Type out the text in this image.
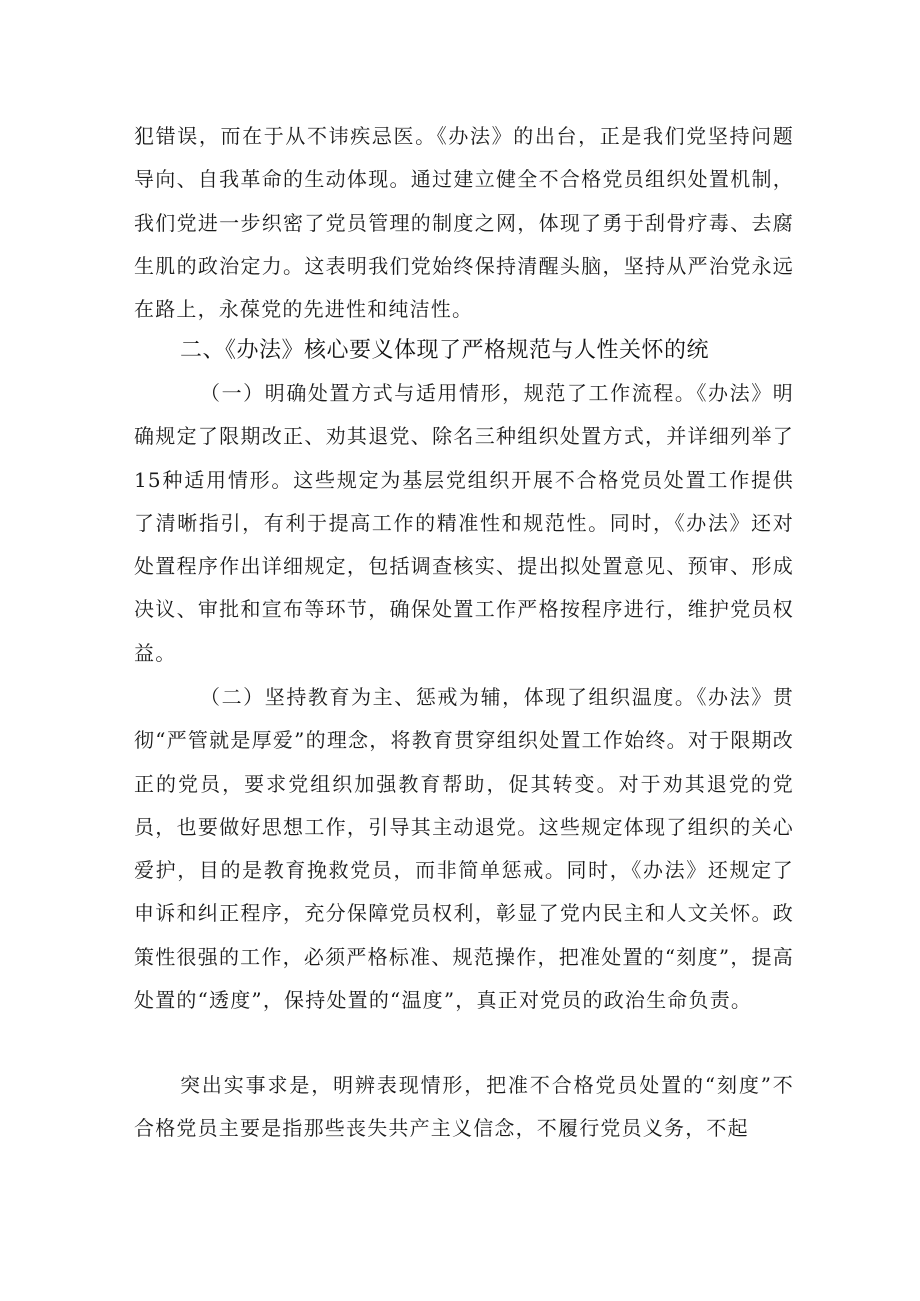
犯错误，而在于从不讳疾忌医。《办法》的出台，正是我们党坚持问题导向、自我革命的生动体现。通过建立健全不合格党员组织处置机制，我们党进一步织密了党员管理的制度之网，体现了勇于刮骨疗毒、去腐生肌的政治定力。这表明我们党始终保持清醒头脑，坚持从严治党永远在路上，永葆党的先进性和纯洁性。
二、《办法》核心要义体现了严格规范与人性关怀的统
（一）明确处置方式与适用情形，规范了工作流程。《办法》明确规定了限期改正、劝其退党、除名三种组织处置方式，并详细列举了15种适用情形。这些规定为基层党组织开展不合格党员处置工作提供了清晰指引，有利于提高工作的精准性和规范性。同时，《办法》还对处置程序作出详细规定，包括调查核实、提出拟处置意见、预审、形成决议、审批和宣布等环节，确保处置工作严格按程序进行，维护党员权益。
（二）坚持教育为主、惩戒为辅，体现了组织温度。《办法》贯彻“严管就是厚爱”的理念，将教育贯穿组织处置工作始终。对于限期改正的党员，要求党组织加强教育帮助，促其转变。对于劝其退党的党员，也要做好思想工作，引导其主动退党。这些规定体现了组织的关心爱护，目的是教育挽救党员，而非简单惩戒。同时，《办法》还规定了申诉和纠正程序，充分保障党员权利，彰显了党内民主和人文关怀。政策性很强的工作，必须严格标准、规范操作，把准处置的“刻度”，提高处置的“透度”，保持处置的“温度”，真正对党员的政治生命负责。
突出实事求是，明辨表现情形，把准不合格党员处置的“刻度”不合格党员主要是指那些丧失共产主义信念，不履行党员义务，不起
